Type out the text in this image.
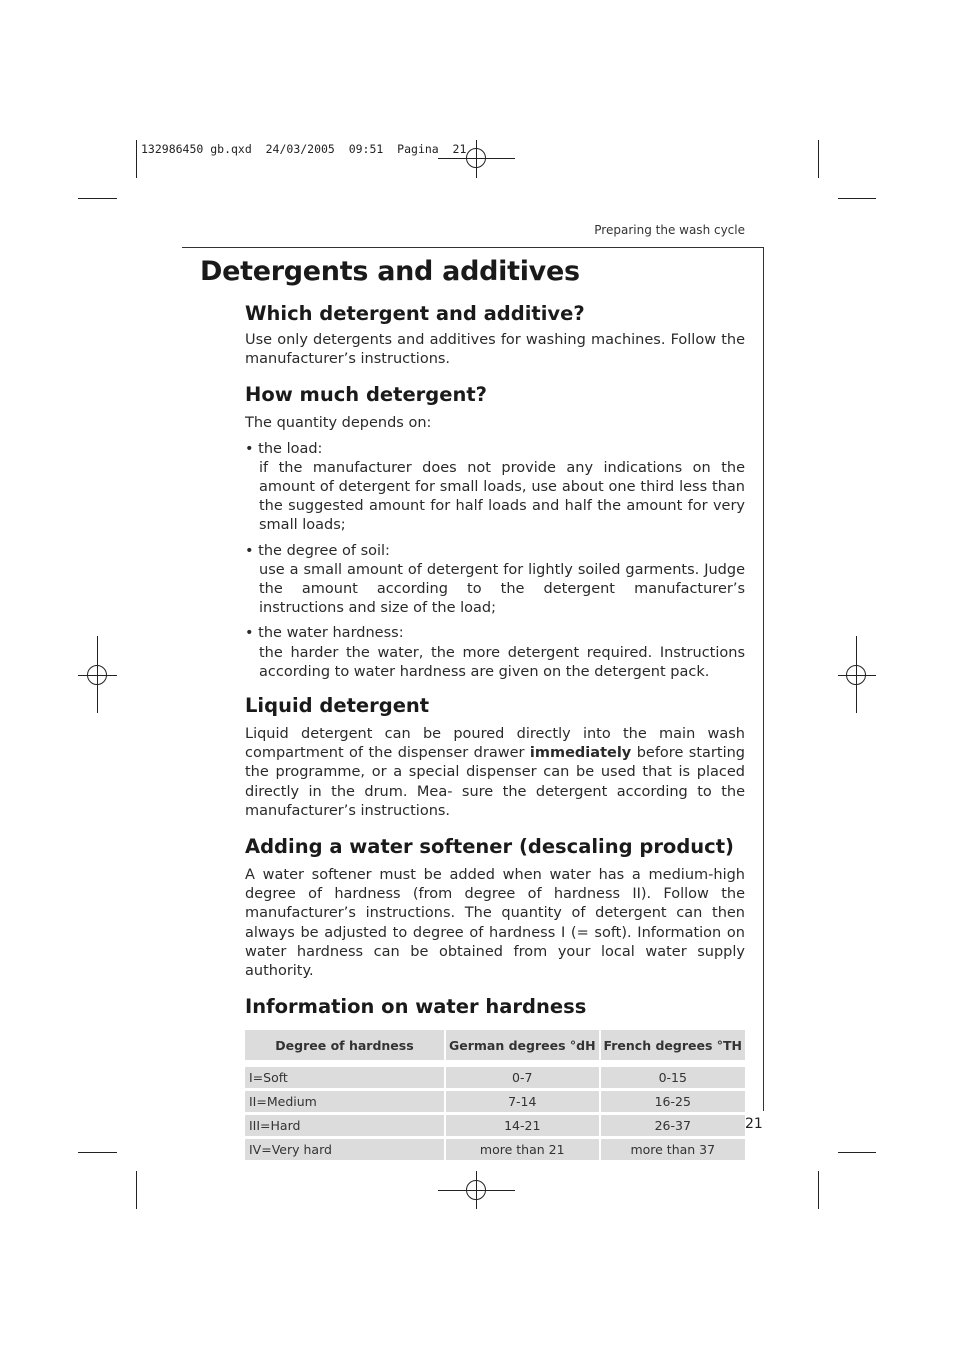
132986450 gb.qxd  24/03/2005  09:51  Pagina  21
Preparing the wash cycle
Detergents and additives
Which detergent and additive?

Use only detergents and additives for washing machines. Follow the manufacturer’s instructions.

How much detergent?

The quantity depends on:

• the load:

if the manufacturer does not provide any indications on the amount of detergent for small loads, use about one third less than the suggested amount for half loads and half the amount for very small loads;

• the degree of soil:

use a small amount of detergent for lightly soiled garments. Judge the amount according to the detergent manufacturer’s instructions and size of the load;

• the water hardness:

the harder the water, the more detergent required. Instructions according to water hardness are given on the detergent pack.

Liquid detergent

Liquid detergent can be poured directly into the main wash compartment of the dispenser drawer immediately before starting the programme, or a special dispenser can be used that is placed directly in the drum. Mea- sure the detergent according to the manufacturer’s instructions.

Adding a water softener (descaling product)

A water softener must be added when water has a medium-high degree of hardness (from degree of hardness II). Follow the manufacturer’s instructions. The quantity of detergent can then always be adjusted to degree of hardness I (= soft). Information on water hardness can be obtained from your local water supply authority.

Information on water hardness
Degree of hardness	German degrees °dH	French degrees °TH

I=Soft	0-7	0-15
II=Medium	7-14	16-25
III=Hard	14-21	26-37
IV=Very hard	more than 21	more than 37
21
